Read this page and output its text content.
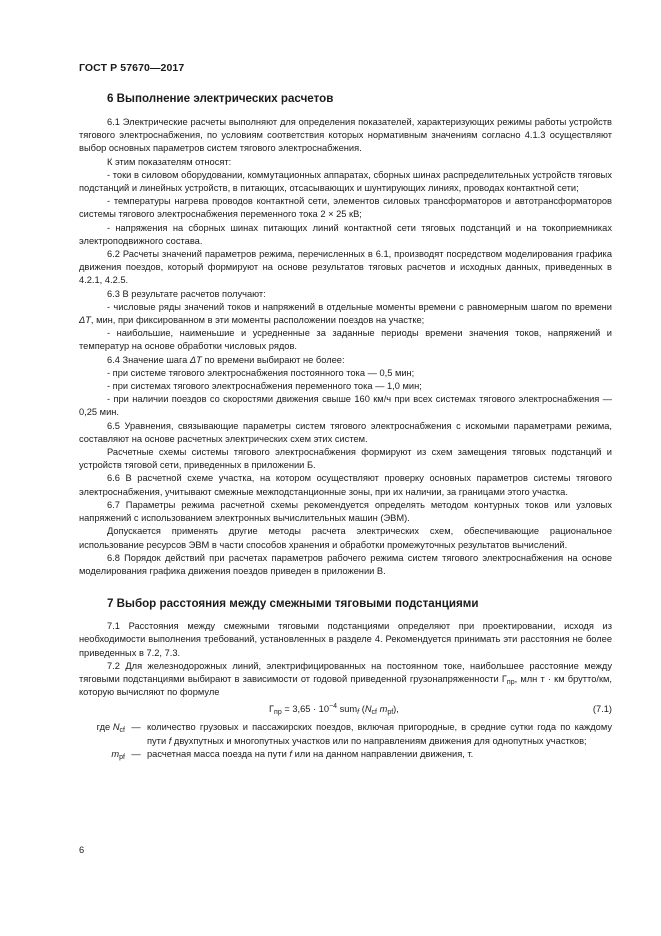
ГОСТ Р 57670—2017
6 Выполнение электрических расчетов

6.1 Электрические расчеты выполняют для определения показателей, характеризующих режимы работы устройств тягового электроснабжения, по условиям соответствия которых нормативным значениям согласно 4.1.3 осуществляют выбор основных параметров систем тягового электроснабжения.

К этим показателям относят:

- токи в силовом оборудовании, коммутационных аппаратах, сборных шинах распределительных устройств тяговых подстанций и линейных устройств, в питающих, отсасывающих и шунтирующих линиях, проводах контактной сети;

- температуры нагрева проводов контактной сети, элементов силовых трансформаторов и автотрансформаторов системы тягового электроснабжения переменного тока 2 × 25 кВ;

- напряжения на сборных шинах питающих линий контактной сети тяговых подстанций и на токоприемниках электроподвижного состава.

6.2 Расчеты значений параметров режима, перечисленных в 6.1, производят посредством моделирования графика движения поездов, который формируют на основе результатов тяговых расчетов и исходных данных, приведенных в 4.2.1, 4.2.5.

6.3 В результате расчетов получают:

- числовые ряды значений токов и напряжений в отдельные моменты времени с равномерным шагом по времени ΔT, мин, при фиксированном в эти моменты расположении поездов на участке;

- наибольшие, наименьшие и усредненные за заданные периоды времени значения токов, напряжений и температур на основе обработки числовых рядов.

6.4 Значение шага ΔT по времени выбирают не более:

- при системе тягового электроснабжения постоянного тока — 0,5 мин;

- при системах тягового электроснабжения переменного тока — 1,0 мин;

- при наличии поездов со скоростями движения свыше 160 км/ч при всех системах тягового электроснабжения — 0,25 мин.

6.5 Уравнения, связывающие параметры систем тягового электроснабжения с искомыми параметрами режима, составляют на основе расчетных электрических схем этих систем.

Расчетные схемы системы тягового электроснабжения формируют из схем замещения тяговых подстанций и устройств тяговой сети, приведенных в приложении Б.

6.6 В расчетной схеме участка, на котором осуществляют проверку основных параметров системы тягового электроснабжения, учитывают смежные межподстанционные зоны, при их наличии, за границами этого участка.

6.7 Параметры режима расчетной схемы рекомендуется определять методом контурных токов или узловых напряжений с использованием электронных вычислительных машин (ЭВМ).

Допускается применять другие методы расчета электрических схем, обеспечивающие рациональное использование ресурсов ЭВМ в части способов хранения и обработки промежуточных результатов вычислений.

6.8 Порядок действий при расчетах параметров рабочего режима систем тягового электроснабжения на основе моделирования графика движения поездов приведен в приложении В.

7 Выбор расстояния между смежными тяговыми подстанциями

7.1 Расстояния между смежными тяговыми подстанциями определяют при проектировании, исходя из необходимости выполнения требований, установленных в разделе 4. Рекомендуется принимать эти расстояния не более приведенных в 7.2, 7.3.

7.2 Для железнодорожных линий, электрифицированных на постоянном токе, наибольшее расстояние между тяговыми подстанциями выбирают в зависимости от годовой приведенной грузонапряженности $Г_{пр}$, млн т · км брутто/км, которую вычисляют по формуле

$Г_{пр} = 3,65 \cdot 10^{-4}$ sum$_f$ ($N_{cf}$ $m_{pf}$),	(7.1)
где $N_{cf}$ — количество грузовых и пассажирских поездов, включая пригородные, в средние сутки года по каждому пути f двухпутных и многопутных участков или по направлениям движения для однопутных участков;
$m_{pf}$ — расчетная масса поезда на пути f или на данном направлении движения, т.
6
